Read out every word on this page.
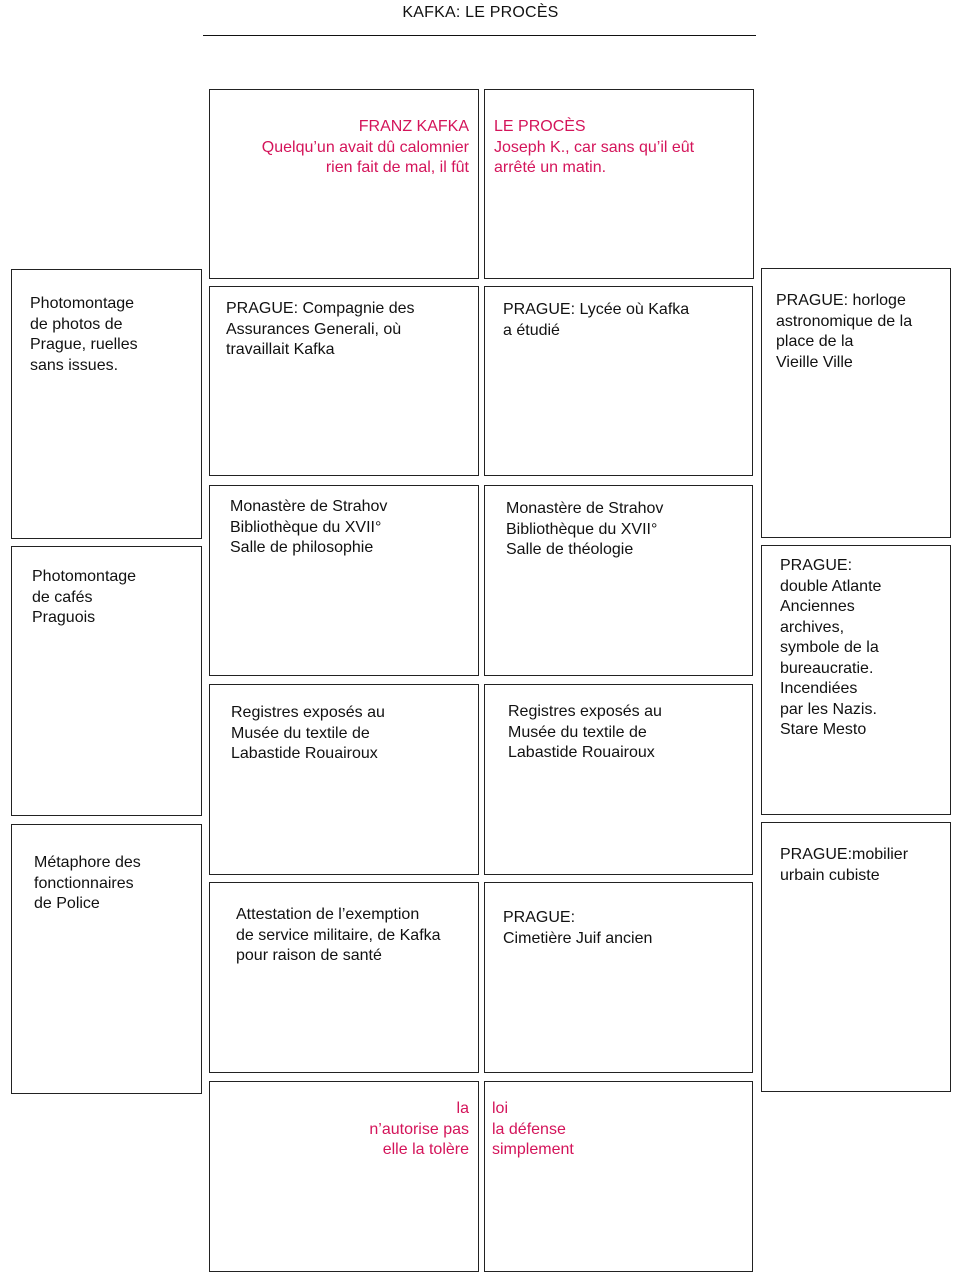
KAFKA: LE PROCÈS
Photomontage
de photos de
Prague, ruelles
sans issues.
Photomontage
de cafés
Praguois
Métaphore des
fonctionnaires
de Police
FRANZ KAFKA
Quelqu’un avait dû calomnier
rien fait de mal, il fût
PRAGUE: Compagnie des
Assurances Generali, où
travaillait Kafka
Monastère de Strahov
Bibliothèque du XVII°
Salle de philosophie
Registres exposés au
Musée du textile de
Labastide Rouairoux
Attestation de l’exemption
de service militaire, de Kafka
pour raison de santé
la
n’autorise pas
elle la tolère
LE PROCÈS
Joseph K., car sans qu’il eût
arrêté un matin.
PRAGUE: Lycée où Kafka
a étudié
Monastère de Strahov
Bibliothèque du XVII°
Salle de théologie
Registres exposés au
Musée du textile de
Labastide Rouairoux
PRAGUE:
Cimetière Juif ancien
loi
la défense
simplement
PRAGUE: horloge
astronomique de la
place de la
Vieille Ville
PRAGUE:
double Atlante
Anciennes
archives,
symbole de la
bureaucratie.
Incendiées
par les Nazis.
Stare Mesto
PRAGUE:mobilier
urbain cubiste
